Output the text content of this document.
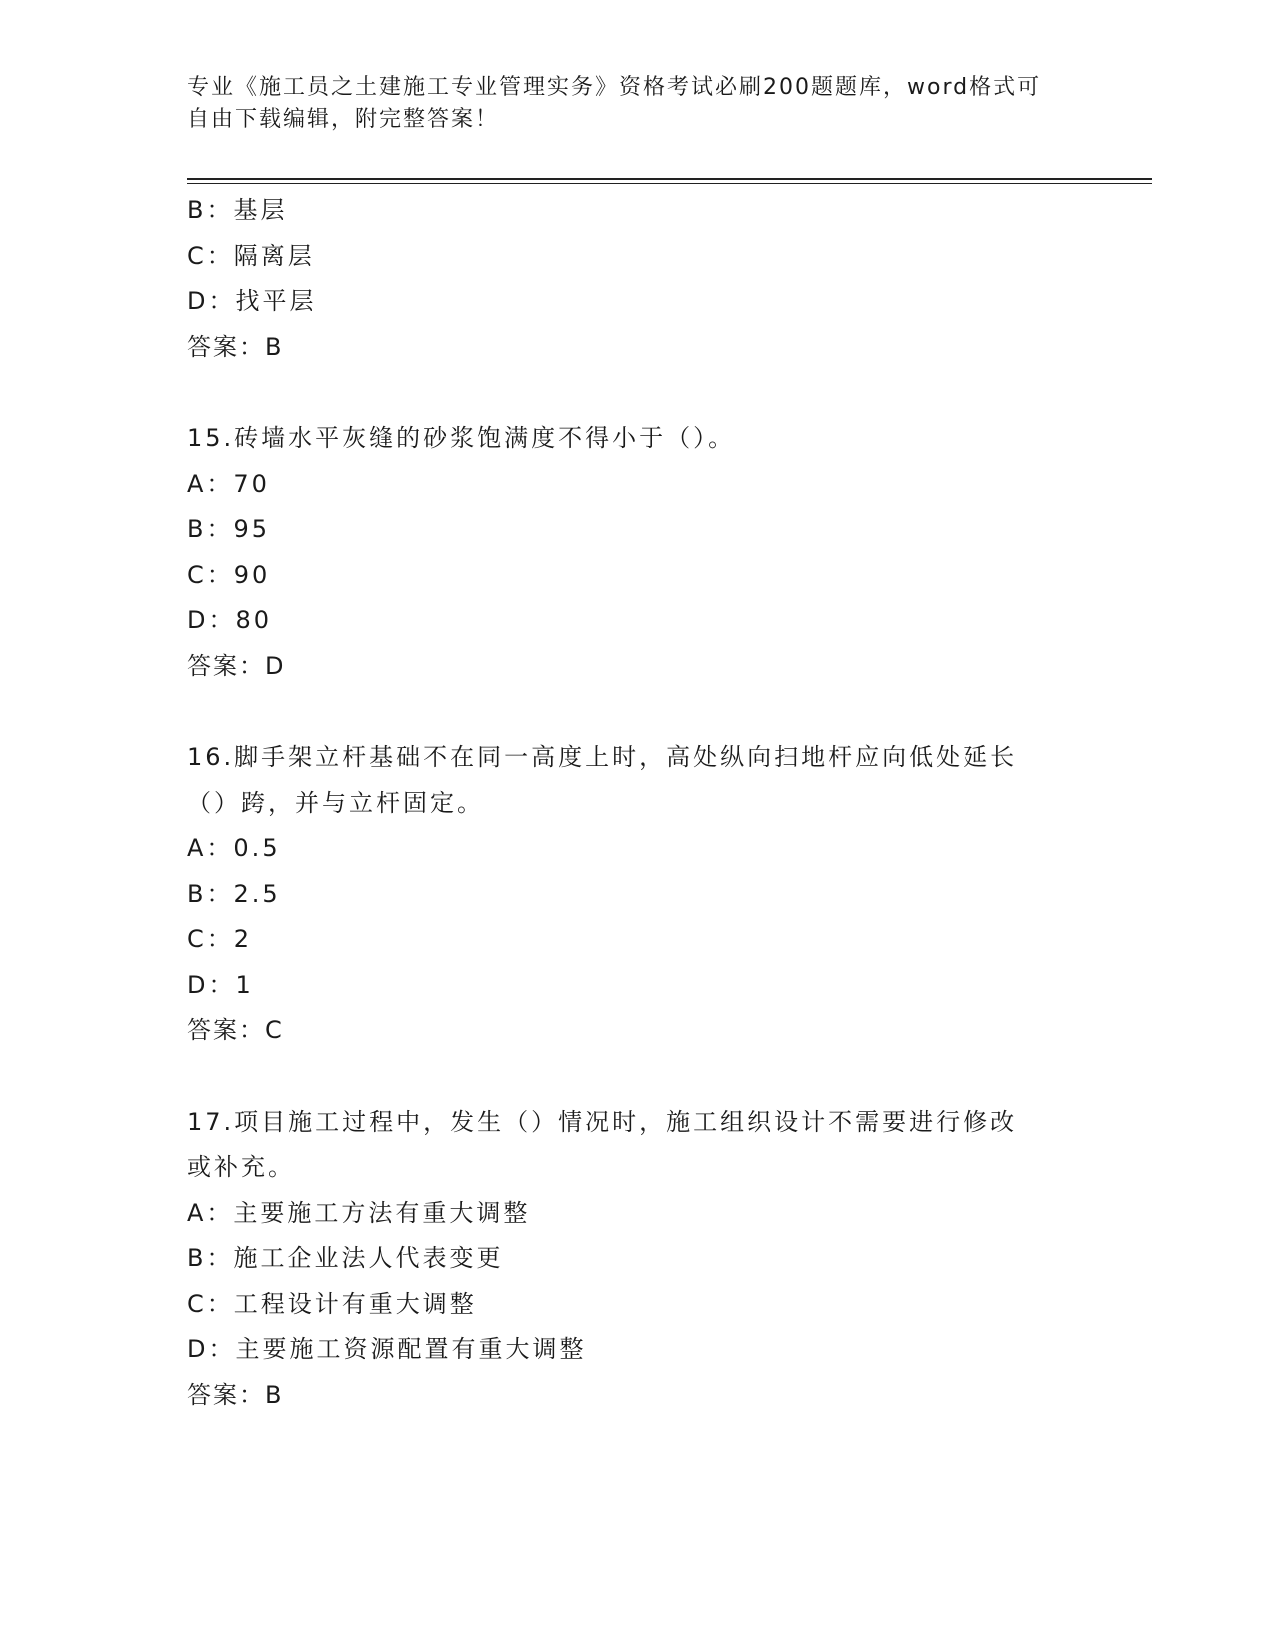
专业《施工员之土建施工专业管理实务》资格考试必刷200题题库，word格式可
自由下载编辑，附完整答案！
B：基层
C：隔离层
D：找平层
答案：B
15.砖墙水平灰缝的砂浆饱满度不得小于（）。
A：70
B：95
C：90
D：80
答案：D
16.脚手架立杆基础不在同一高度上时，高处纵向扫地杆应向低处延长
（）跨，并与立杆固定。
A：0.5
B：2.5
C：2
D：1
答案：C
17.项目施工过程中，发生（）情况时，施工组织设计不需要进行修改
或补充。
A：主要施工方法有重大调整
B：施工企业法人代表变更
C：工程设计有重大调整
D：主要施工资源配置有重大调整
答案：B
